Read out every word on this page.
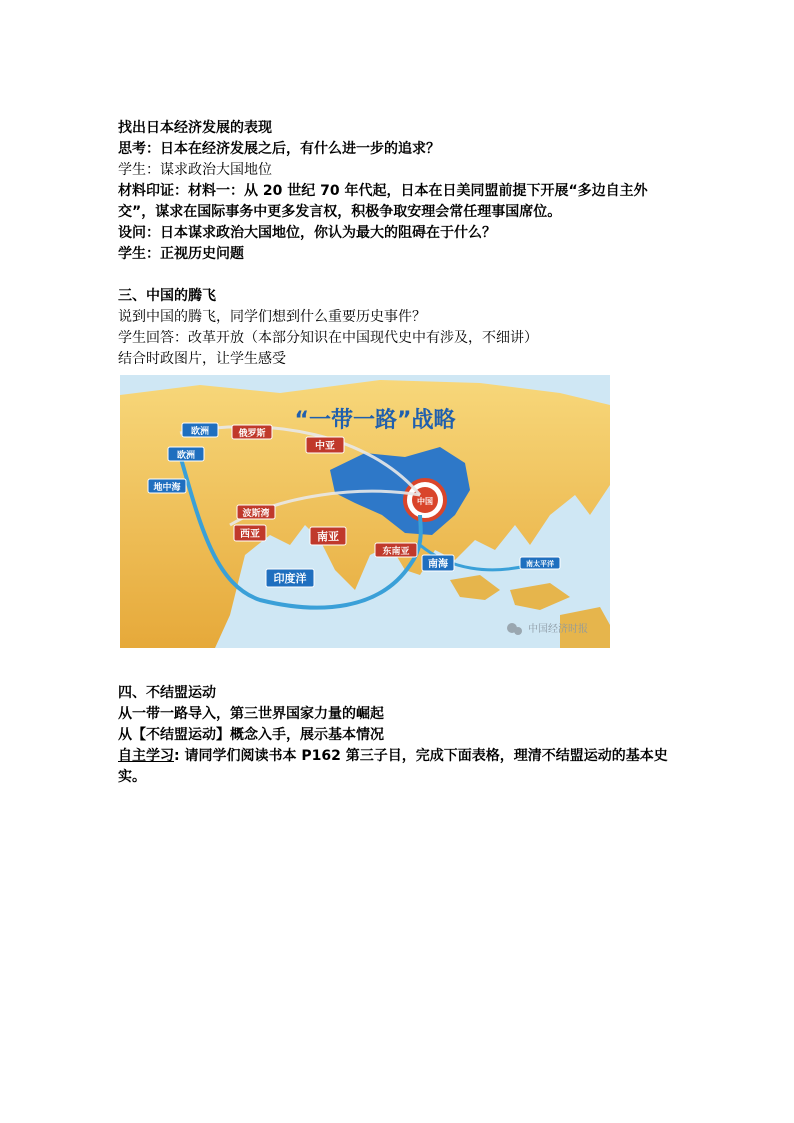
找出日本经济发展的表现
思考：日本在经济发展之后，有什么进一步的追求？
学生：谋求政治大国地位
材料印证：材料一：从 20 世纪 70 年代起，日本在日美同盟前提下开展“多边自主外交”，谋求在国际事务中更多发言权，积极争取安理会常任理事国席位。
设问：日本谋求政治大国地位，你认为最大的阻碍在于什么？
学生：正视历史问题
三、中国的腾飞
说到中国的腾飞，同学们想到什么重要历史事件？
学生回答：改革开放（本部分知识在中国现代史中有涉及，不细讲）
结合时政图片，让学生感受
中国
“一带一路”战略
欧洲	俄罗斯
欧洲
中亚
地中海
波斯湾
西亚	南亚
东南亚
南海
印度洋
南太平洋
中国经济时报
四、不结盟运动
从一带一路导入，第三世界国家力量的崛起
从【不结盟运动】概念入手，展示基本情况
自主学习: 请同学们阅读书本 P162 第三子目，完成下面表格，理清不结盟运动的基本史实。
